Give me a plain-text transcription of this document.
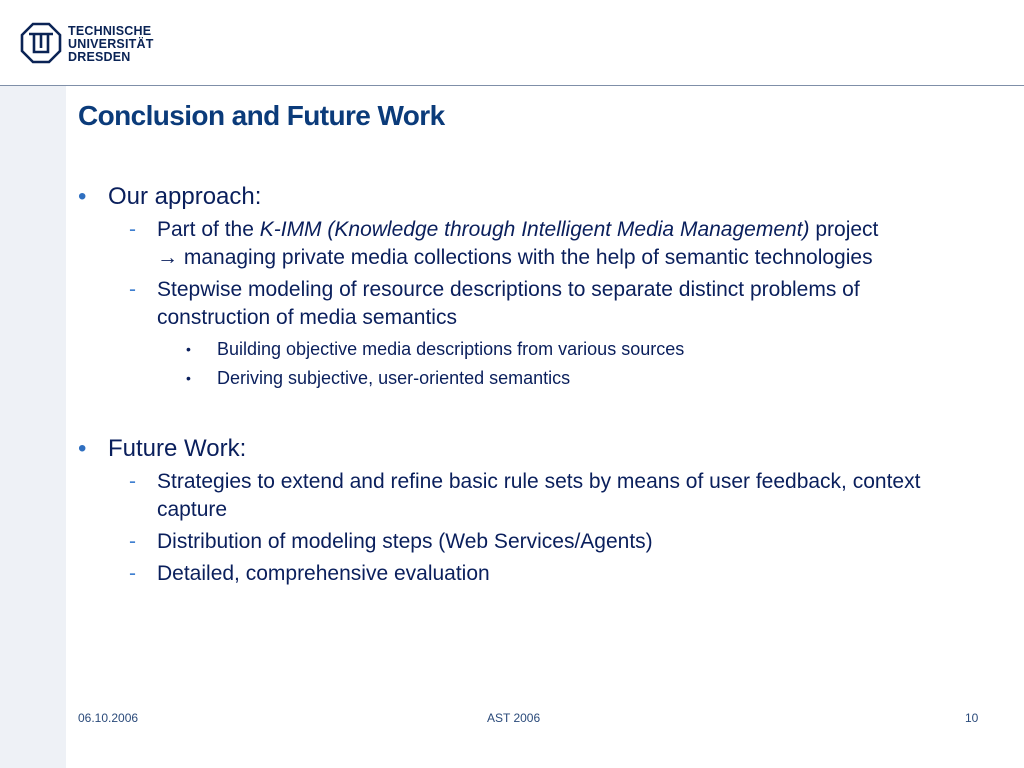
TECHNISCHE
UNIVERSITÄT
DRESDEN
Conclusion and Future Work
• Our approach:
- Part of the K-IMM (Knowledge through Intelligent Media Management) project
→ managing private media collections with the help of semantic technologies
- Stepwise modeling of resource descriptions to separate distinct problems of construction of media semantics
• Building objective media descriptions from various sources
• Deriving subjective, user-oriented semantics
• Future Work:
- Strategies to extend and refine basic rule sets by means of user feedback, context capture
- Distribution of modeling steps (Web Services/Agents)
- Detailed, comprehensive evaluation
06.10.2006	AST 2006	10
